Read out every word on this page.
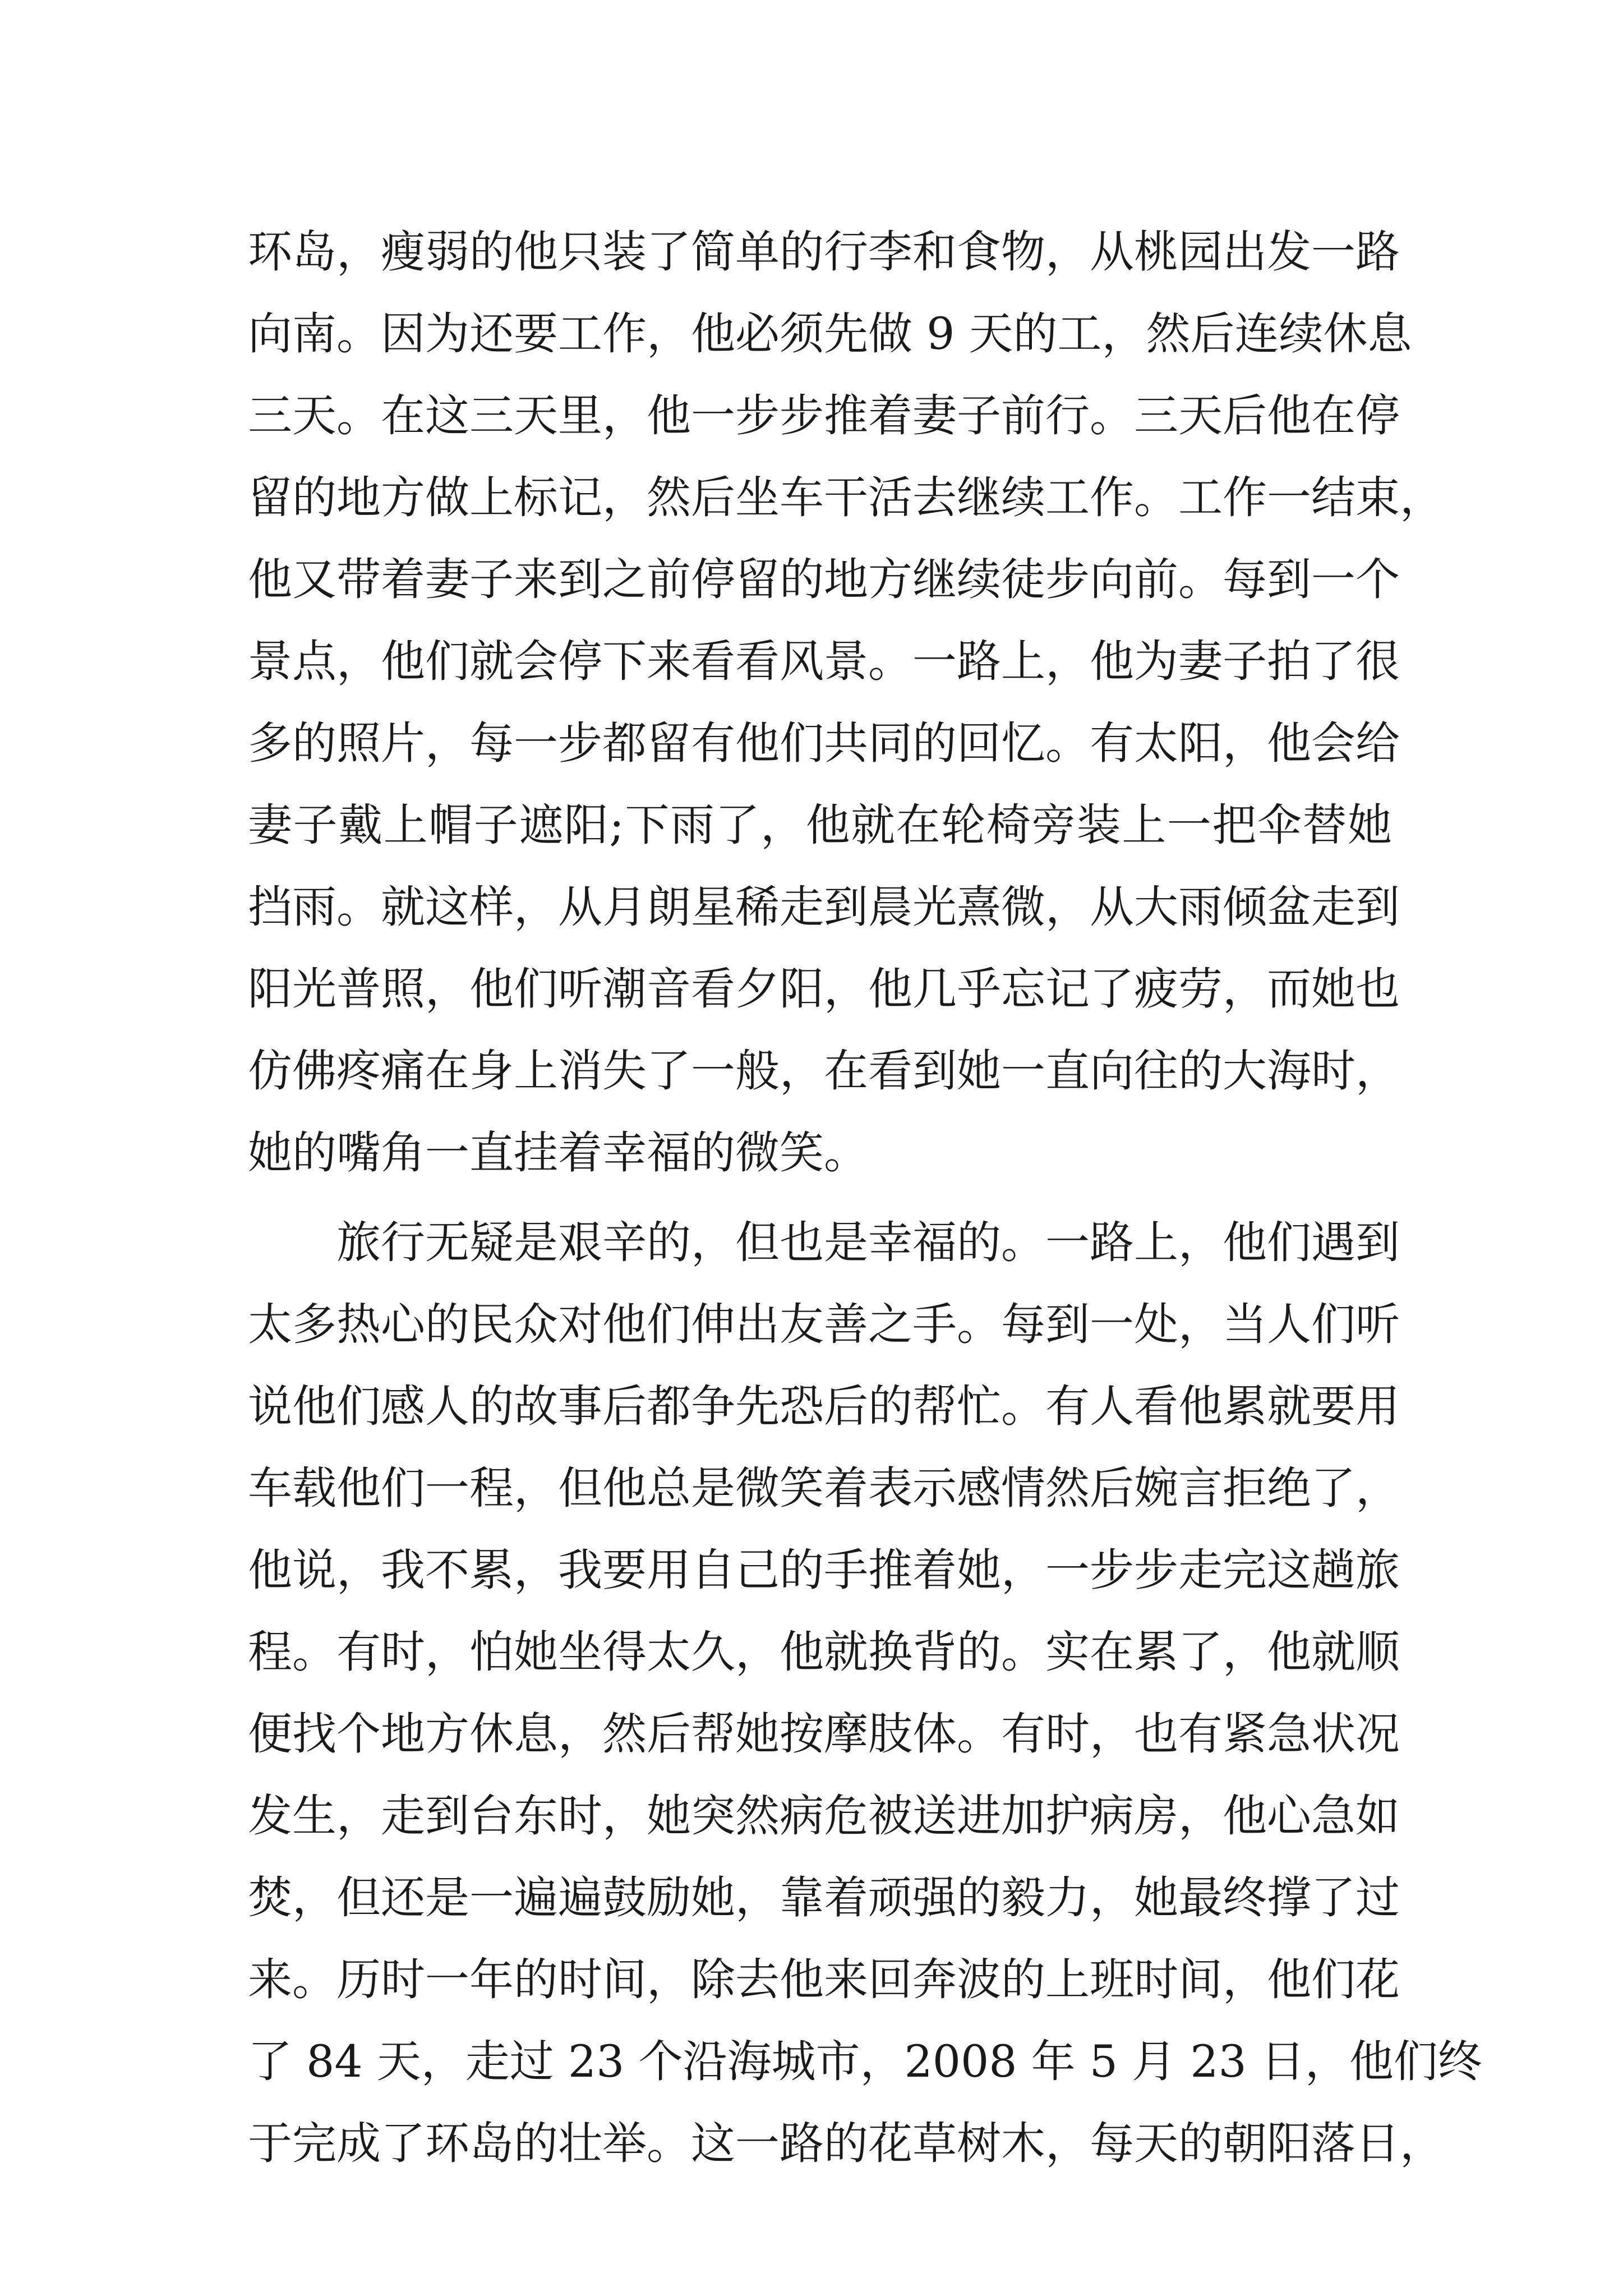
环岛，瘦弱的他只装了简单的行李和食物，从桃园出发一路
向南。因为还要工作，他必须先做 9 天的工，然后连续休息
三天。在这三天里，他一步步推着妻子前行。三天后他在停
留的地方做上标记，然后坐车干活去继续工作。工作一结束，
他又带着妻子来到之前停留的地方继续徒步向前。每到一个
景点，他们就会停下来看看风景。一路上，他为妻子拍了很
多的照片，每一步都留有他们共同的回忆。有太阳，他会给
妻子戴上帽子遮阳;下雨了，他就在轮椅旁装上一把伞替她
挡雨。就这样，从月朗星稀走到晨光熹微，从大雨倾盆走到
阳光普照，他们听潮音看夕阳，他几乎忘记了疲劳，而她也
仿佛疼痛在身上消失了一般，在看到她一直向往的大海时，
她的嘴角一直挂着幸福的微笑。
旅行无疑是艰辛的，但也是幸福的。一路上，他们遇到
太多热心的民众对他们伸出友善之手。每到一处，当人们听
说他们感人的故事后都争先恐后的帮忙。有人看他累就要用
车载他们一程，但他总是微笑着表示感情然后婉言拒绝了，
他说，我不累，我要用自己的手推着她，一步步走完这趟旅
程。有时，怕她坐得太久，他就换背的。实在累了，他就顺
便找个地方休息，然后帮她按摩肢体。有时，也有紧急状况
发生，走到台东时，她突然病危被送进加护病房，他心急如
焚，但还是一遍遍鼓励她，靠着顽强的毅力，她最终撑了过
来。历时一年的时间，除去他来回奔波的上班时间，他们花
了 84 天，走过 23 个沿海城市，2008 年 5 月 23 日，他们终
于完成了环岛的壮举。这一路的花草树木，每天的朝阳落日，
